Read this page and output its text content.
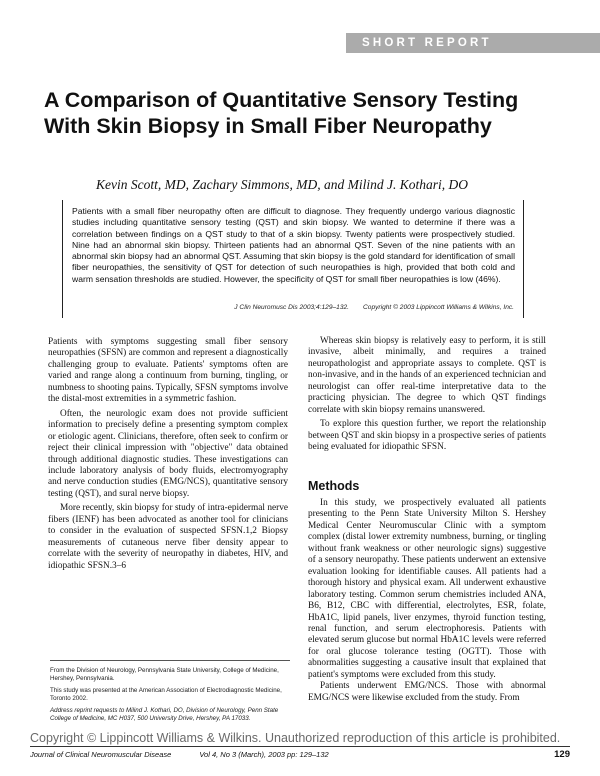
SHORT REPORT
A Comparison of Quantitative Sensory Testing With Skin Biopsy in Small Fiber Neuropathy
Kevin Scott, MD, Zachary Simmons, MD, and Milind J. Kothari, DO

Patients with a small fiber neuropathy often are difficult to diagnose. They frequently undergo various diagnostic studies including quantitative sensory testing (QST) and skin biopsy. We wanted to determine if there was a correlation between findings on a QST study to that of a skin biopsy. Twenty patients were prospectively studied. Nine had an abnormal skin biopsy. Thirteen patients had an abnormal QST. Seven of the nine patients with an abnormal skin biopsy had an abnormal QST. Assuming that skin biopsy is the gold standard for identification of small fiber neuropathies, the sensitivity of QST for detection of such neuropathies is high, provided that both cold and warm sensation thresholds are studied. However, the specificity of QST for small fiber neuropathies is low (46%).

J Clin Neuromusc Dis 2003;4:129–132. Copyright © 2003 Lippincott Williams & Wilkins, Inc.

Patients with symptoms suggesting small fiber sensory neuropathies (SFSN) are common and represent a diagnostically challenging group to evaluate. Patients' symptoms often are varied and range along a continuum from burning, tingling, or numbness to shooting pains. Typically, SFSN symptoms involve the distal-most extremities in a symmetric fashion.

Often, the neurologic exam does not provide sufficient information to precisely define a presenting symptom complex or etiologic agent. Clinicians, therefore, often seek to confirm or reject their clinical impression with "objective" data obtained through additional diagnostic studies. These investigations can include laboratory analysis of body fluids, electromyography and nerve conduction studies (EMG/NCS), quantitative sensory testing (QST), and sural nerve biopsy.

More recently, skin biopsy for study of intra-epidermal nerve fibers (IENF) has been advocated as another tool for clinicians to consider in the evaluation of suspected SFSN.1,2 Biopsy measurements of cutaneous nerve fiber density appear to correlate with the severity of neuropathy in diabetes, HIV, and idiopathic SFSN.3–6

Whereas skin biopsy is relatively easy to perform, it is still invasive, albeit minimally, and requires a trained neuropathologist and appropriate assays to complete. QST is non-invasive, and in the hands of an experienced technician and neurologist can offer real-time interpretative data to the practicing physician. The degree to which QST findings correlate with skin biopsy remains unanswered.

To explore this question further, we report the relationship between QST and skin biopsy in a prospective series of patients being evaluated for idiopathic SFSN.

Methods

In this study, we prospectively evaluated all patients presenting to the Penn State University Milton S. Hershey Medical Center Neuromuscular Clinic with a symptom complex (distal lower extremity numbness, burning, or tingling without frank weakness or other neurologic signs) suggestive of a sensory neuropathy. These patients underwent an extensive evaluation looking for identifiable causes. All patients had a thorough history and physical exam. All underwent exhaustive laboratory testing. Common serum chemistries included ANA, B6, B12, CBC with differential, electrolytes, ESR, folate, HbA1C, lipid panels, liver enzymes, thyroid function testing, renal function, and serum electrophoresis. Patients with elevated serum glucose but normal HbA1C levels were referred for oral glucose tolerance testing (OGTT). Those with abnormalities suggesting a causative insult that explained that patient's symptoms were excluded from this study.

Patients underwent EMG/NCS. Those with abnormal EMG/NCS were likewise excluded from the study. From

From the Division of Neurology, Pennsylvania State University, College of Medicine, Hershey, Pennsylvania.

This study was presented at the American Association of Electrodiagnostic Medicine, Toronto 2002.

Address reprint requests to Milind J. Kothari, DO, Division of Neurology, Penn State College of Medicine, MC H037, 500 University Drive, Hershey, PA 17033.

Copyright © Lippincott Williams & Wilkins. Unauthorized reproduction of this article is prohibited.
Journal of Clinical Neuromuscular Disease	Vol 4, No 3 (March), 2003 pp: 129–132	129
